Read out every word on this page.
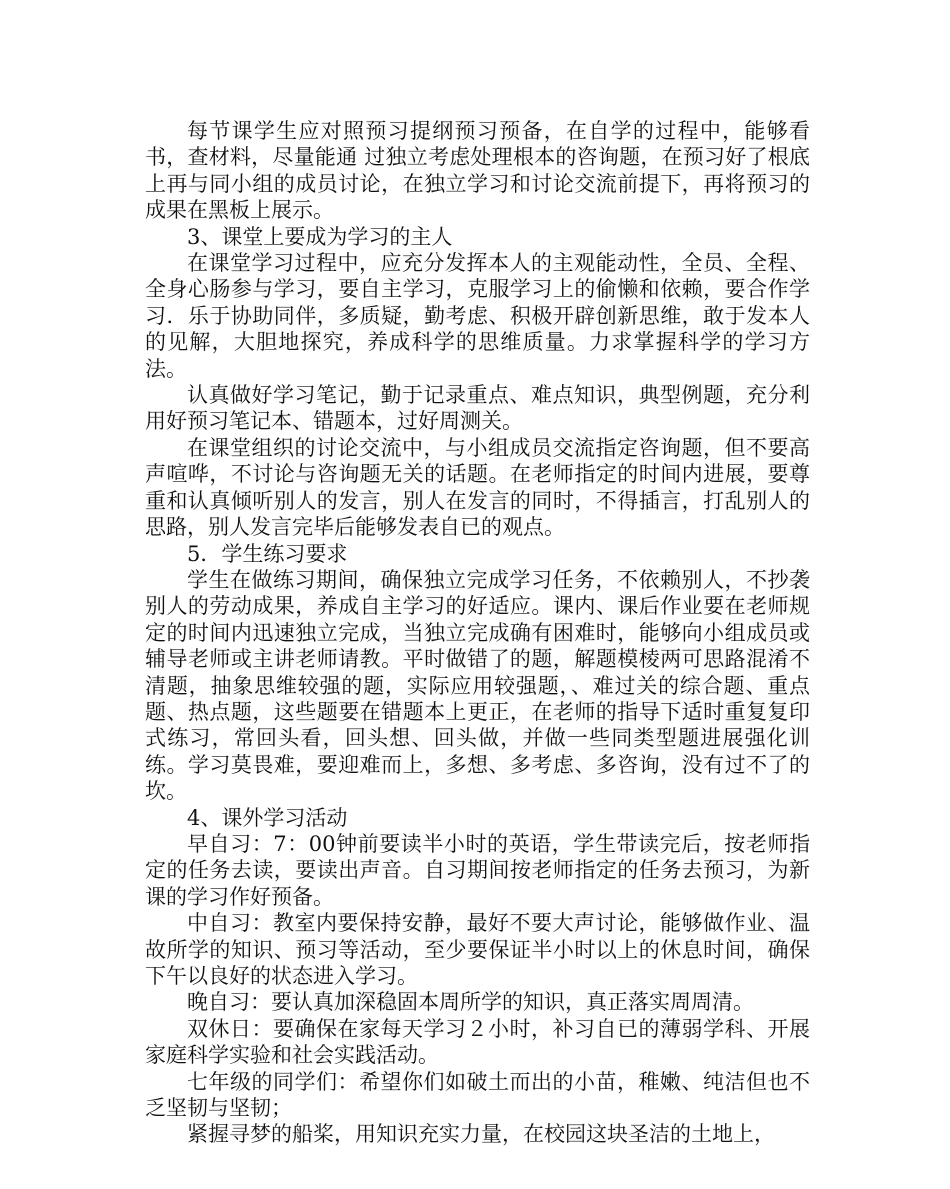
每节课学生应对照预习提纲预习预备，在自学的过程中，能够看书，查材料，尽量能通 过独立考虑处理根本的咨询题，在预习好了根底上再与同小组的成员讨论，在独立学习和讨论交流前提下，再将预习的成果在黑板上展示。

3、课堂上要成为学习的主人

在课堂学习过程中，应充分发挥本人的主观能动性，全员、全程、全身心肠参与学习，要自主学习，克服学习上的偷懒和依赖，要合作学习．乐于协助同伴，多质疑，勤考虑、积极开辟创新思维，敢于发本人的见解，大胆地探究，养成科学的思维质量。力求掌握科学的学习方法。

认真做好学习笔记，勤于记录重点、难点知识，典型例题，充分利用好预习笔记本、错题本，过好周测关。

在课堂组织的讨论交流中，与小组成员交流指定咨询题，但不要高声喧哗，不讨论与咨询题无关的话题。在老师指定的时间内进展，要尊重和认真倾听别人的发言，别人在发言的同时，不得插言，打乱别人的思路，别人发言完毕后能够发表自已的观点。

5．学生练习要求

学生在做练习期间，确保独立完成学习任务，不依赖别人，不抄袭别人的劳动成果，养成自主学习的好适应。课内、课后作业要在老师规定的时间内迅速独立完成，当独立完成确有困难时，能够向小组成员或辅导老师或主讲老师请教。平时做错了的题，解题模棱两可思路混淆不清题，抽象思维较强的题，实际应用较强题，、难过关的综合题、重点题、热点题，这些题要在错题本上更正，在老师的指导下适时重复复印式练习，常回头看，回头想、回头做，并做一些同类型题进展强化训练。学习莫畏难，要迎难而上，多想、多考虑、多咨询，没有过不了的坎。

4、课外学习活动

早自习：7：00钟前要读半小时的英语，学生带读完后，按老师指定的任务去读，要读出声音。自习期间按老师指定的任务去预习，为新课的学习作好预备。

中自习：教室内要保持安静，最好不要大声讨论，能够做作业、温故所学的知识、预习等活动，至少要保证半小时以上的休息时间，确保下午以良好的状态进入学习。

晚自习：要认真加深稳固本周所学的知识，真正落实周周清。

双休日：要确保在家每天学习２小时，补习自已的薄弱学科、开展家庭科学实验和社会实践活动。

七年级的同学们：希望你们如破土而出的小苗，稚嫩、纯洁但也不乏坚韧与坚韧；

紧握寻梦的船桨，用知识充实力量，在校园这块圣洁的土地上，
